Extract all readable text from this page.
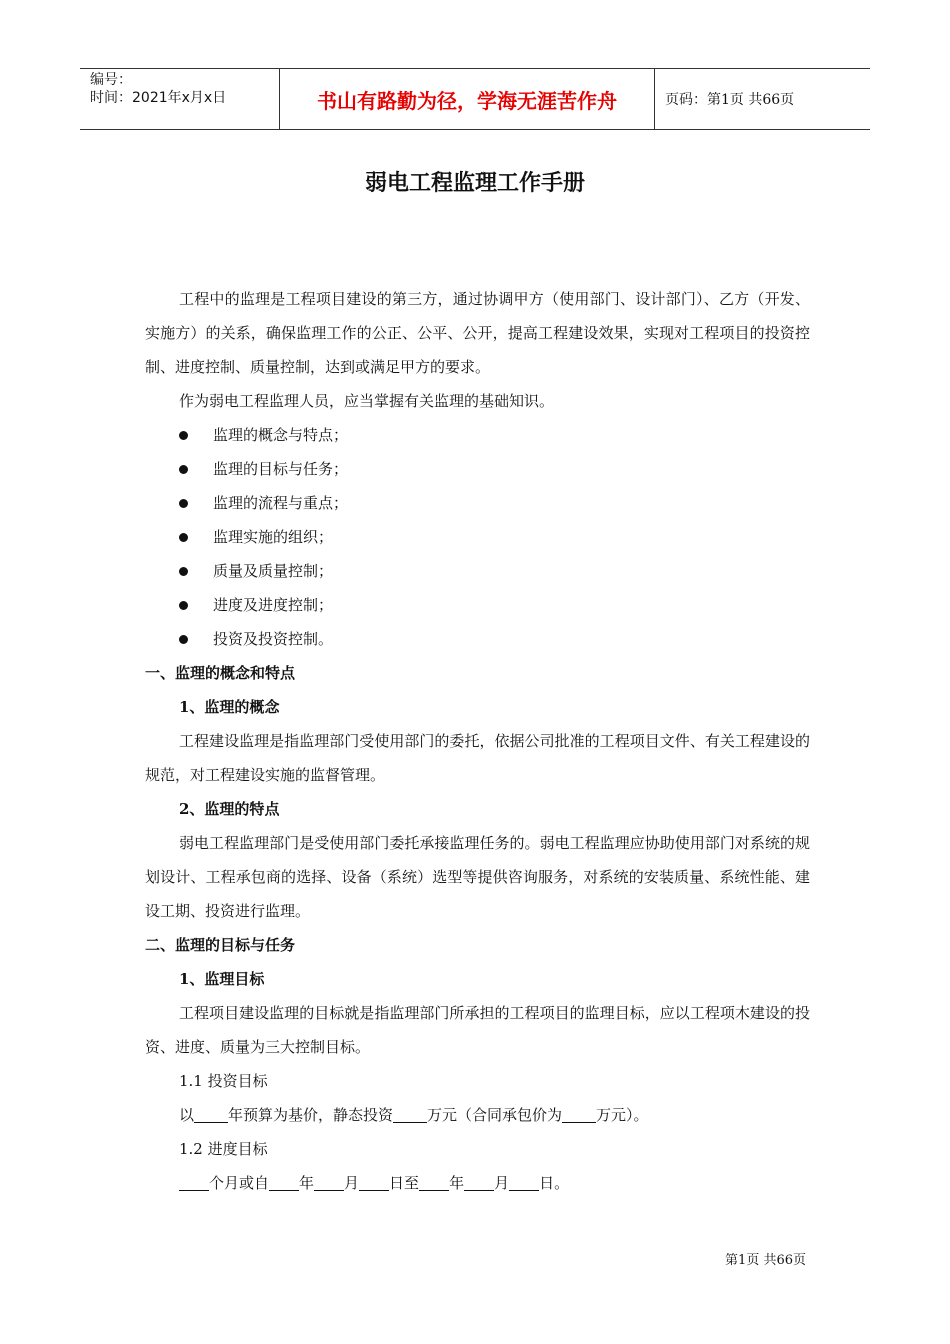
编号：
时间：2021年x月x日	书山有路勤为径，学海无涯苦作舟	页码：第1页 共66页
弱电工程监理工作手册

工程中的监理是工程项目建设的第三方，通过协调甲方（使用部门、设计部门）、乙方（开发、实施方）的关系，确保监理工作的公正、公平、公开，提高工程建设效果，实现对工程项目的投资控制、进度控制、质量控制，达到或满足甲方的要求。

作为弱电工程监理人员，应当掌握有关监理的基础知识。

监理的概念与特点；
监理的目标与任务；
监理的流程与重点；
监理实施的组织；
质量及质量控制；
进度及进度控制；
投资及投资控制。

一、监理的概念和特点

1、监理的概念

工程建设监理是指监理部门受使用部门的委托，依据公司批准的工程项目文件、有关工程建设的规范，对工程建设实施的监督管理。

2、监理的特点

弱电工程监理部门是受使用部门委托承接监理任务的。弱电工程监理应协助使用部门对系统的规划设计、工程承包商的选择、设备（系统）选型等提供咨询服务，对系统的安装质量、系统性能、建设工期、投资进行监理。

二、监理的目标与任务

1、监理目标

工程项目建设监理的目标就是指监理部门所承担的工程项目的监理目标，应以工程项木建设的投资、进度、质量为三大控制目标。

1.1 投资目标

以 年预算为基价，静态投资 万元（合同承包价为 万元）。

1.2 进度目标

个月或自 年 月 日至 年 月 日。

第1页 共66页
